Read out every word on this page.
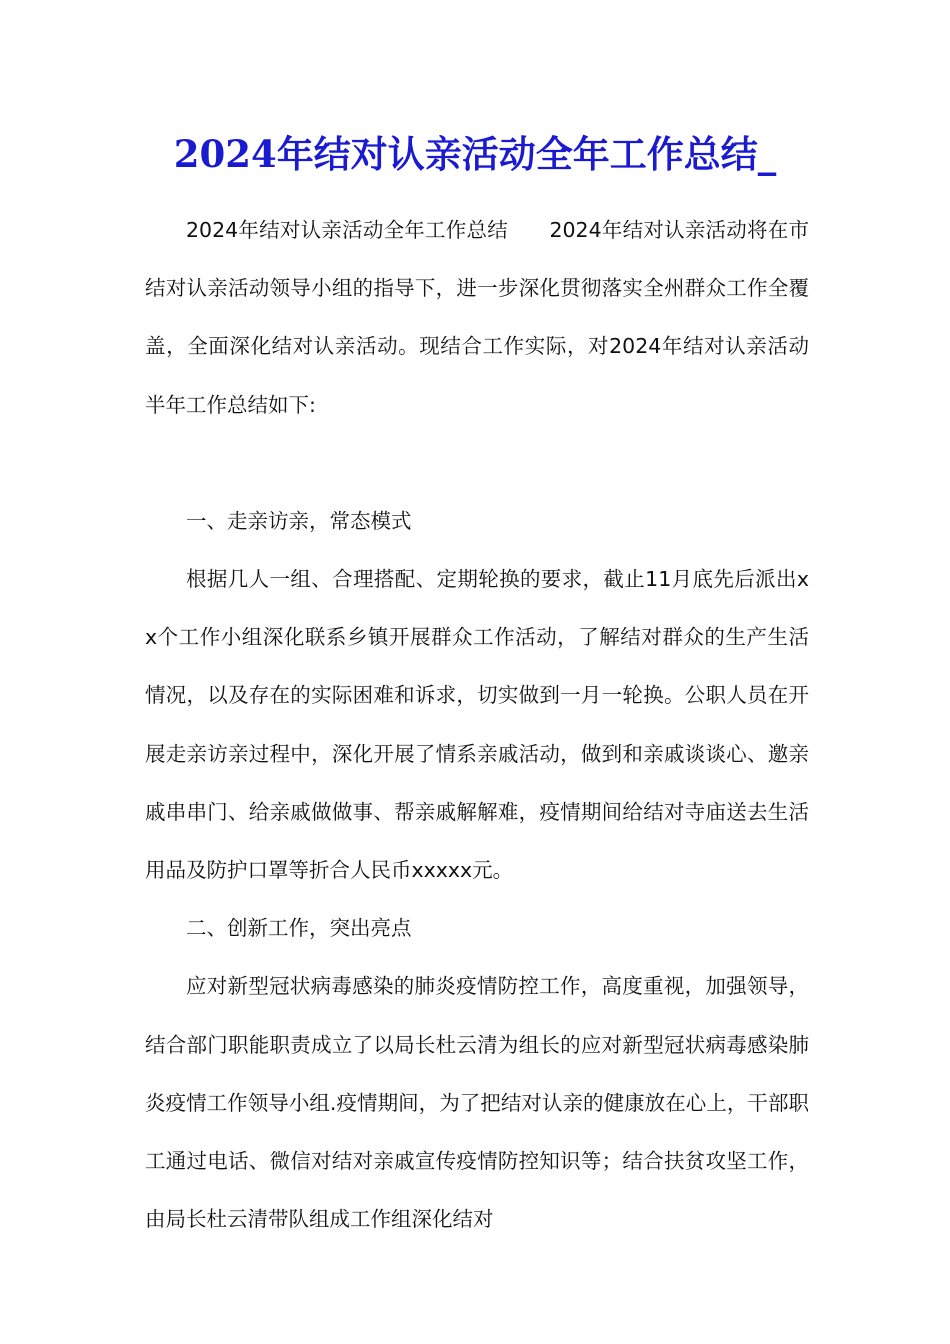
2024年结对认亲活动全年工作总结_

2024年结对认亲活动全年工作总结　　2024年结对认亲活动将在市结对认亲活动领导小组的指导下，进一步深化贯彻落实全州群众工作全覆盖，全面深化结对认亲活动。现结合工作实际，对2024年结对认亲活动半年工作总结如下:

一、走亲访亲，常态模式

根据几人一组、合理搭配、定期轮换的要求，截止11月底先后派出xx个工作小组深化联系乡镇开展群众工作活动，了解结对群众的生产生活情况，以及存在的实际困难和诉求，切实做到一月一轮换。公职人员在开展走亲访亲过程中，深化开展了情系亲戚活动，做到和亲戚谈谈心、邀亲戚串串门、给亲戚做做事、帮亲戚解解难，疫情期间给结对寺庙送去生活用品及防护口罩等折合人民币xxxxx元。

二、创新工作，突出亮点

应对新型冠状病毒感染的肺炎疫情防控工作，高度重视，加强领导，结合部门职能职责成立了以局长杜云清为组长的应对新型冠状病毒感染肺炎疫情工作领导小组.疫情期间，为了把结对认亲的健康放在心上，干部职工通过电话、微信对结对亲戚宣传疫情防控知识等；结合扶贫攻坚工作，由局长杜云清带队组成工作组深化结对
